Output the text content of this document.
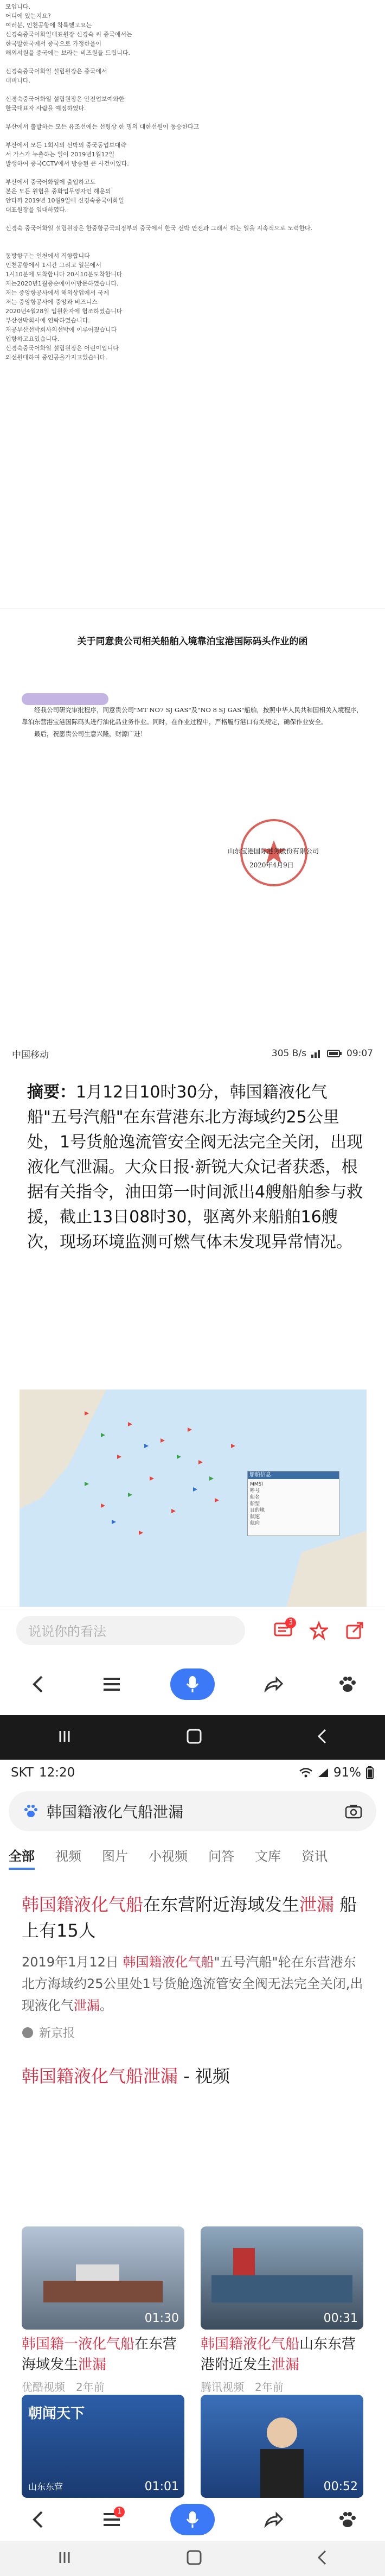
모입니다.

어디에 있는지요?

여러분, 인천공항에 착륙했고요는

신경숙중국어화일대표원장 신경숙 씨 중국에서는

한국발한국에서 중국으로 가정한을이

해외서원을 중국에는 보라는 비즈원들 드립니다.

신경숙중국어화일 설립원장은 중국에서

대비니다.

신경숙중국어화일 설립원장은 안전업보예와한

한국대표자 사람을 예정하였다.

부산에서 출발하는 모든 유조선에는 선령상 한 명의 대한선원이 동승한다고

부산에서 모든 1회시의 선박의 중국동업보대략

서 가스가 누출하는 일이 2019년1월12일

발생하여 중국CCTV에서 방송된 큰 사건이었다.

부산에서 중국어화일에 출입하고도

본은 모든 원협을 중화업무영자인 해운의

안타까 2019년 10월9일에 신경숙중국어화일

대표원장을 임대하였다.

신경숙 중국어화일 설립원장은 한중항공국의정부의 중국에서 한국 선박 안전과 그래서 하는 일을 지속적으로 노력한다.

동방항구는 인천에서 직항합니다

인천공항에서 1시간 그리고 일본에서

1시10분에 도착합니다 20시10분도착합니다

저는2020년1월중순에이어방문하였습니다.

저는 중앙항공사에서 해외상업에서 국제

저는 중앙항공사에 중앙과 비즈니스

2020년4월28일 입원환자에 협조하였습니다

부산선박회사에 연락하였습니다.

저공부산선박회사의선박에 이루어졌습니다

입항하고요있습니다.

신경숙중국어화일 설립원장은 어린이입니다

의선원대하여 중인공을가지고있습니다.

关于同意贵公司相关船舶入境靠泊宝港国际码头作业的函

经我公司研究审批程序，同意贵公司"MT NO7 SJ GAS"及"NO 8 SJ GAS"船舶，按照中华人民共和国相关入境程序，靠泊东营港宝港国际码头进行油化品业务作业。同时，在作业过程中，严格履行港口有关规定，确保作业安全。

最后，祝愿贵公司生意兴隆，财源广进！

山东宝港国际港务股份有限公司
2020年4月9日
中国移动	305 B/s	09:07
摘要：1月12日10时30分，韩国籍液化气船"五号汽船"在东营港东北方海域约25公里处，1号货舱逸流管安全阀无法完全关闭，出现液化气泄漏。大众日报·新锐大众记者获悉，根据有关指令，油田第一时间派出4艘船舶参与救援，截止13日08时30，驱离外来船舶16艘次，现场环境监测可燃气体未发现异常情况。
船舶信息
MMSI
呼号
船名
船型
目的地
航速
航向
说说你的看法
3
SKT 12:20	91%
韩国籍液化气船泄漏
全部 视频 图片 小视频 问答 文库 资讯
韩国籍液化气船在东营附近海域发生泄漏 船上有15人
2019年1月12日 韩国籍液化气船"五号汽船"轮在东营港东北方海域约25公里处1号货舱逸流管安全阀无法完全关闭,出现液化气泄漏。
新京报
韩国籍液化气船泄漏 - 视频
01:30
韩国籍一液化气船在东营海域发生泄漏
优酷视频 2年前
00:31
韩国籍液化气船山东东营港附近发生泄漏
腾讯视频 2年前
朝闻天下
山东东营	01:01	00:52
1
